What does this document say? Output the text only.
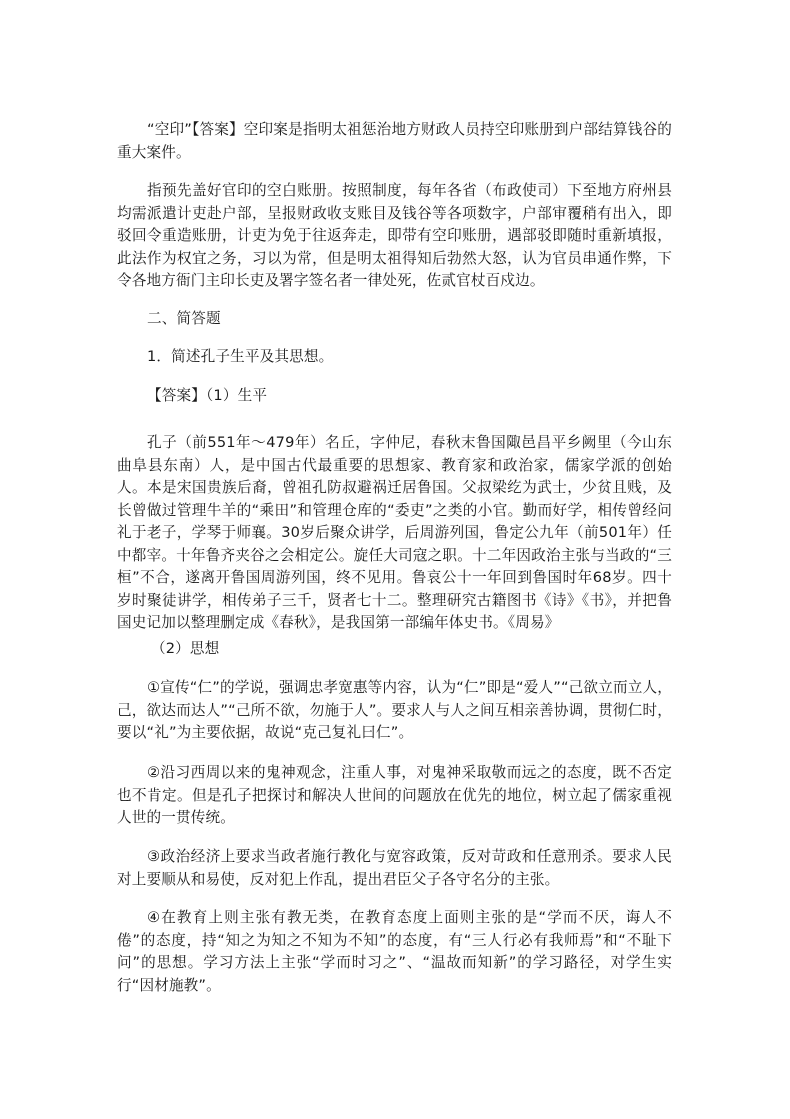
“空印”【答案】空印案是指明太祖惩治地方财政人员持空印账册到户部结算钱谷的重大案件。

指预先盖好官印的空白账册。按照制度，每年各省（布政使司）下至地方府州县均需派遣计吏赴户部，呈报财政收支账目及钱谷等各项数字，户部审覆稍有出入，即驳回令重造账册，计吏为免于往返奔走，即带有空印账册，遇部驳即随时重新填报，此法作为权宜之务，习以为常，但是明太祖得知后勃然大怒，认为官员串通作弊，下令各地方衙门主印长吏及署字签名者一律处死，佐贰官杖百戍边。

二、简答题

1．简述孔子生平及其思想。

【答案】（1）生平

孔子（前551年～479年）名丘，字仲尼，春秋末鲁国陬邑昌平乡阙里（今山东曲阜县东南）人，是中国古代最重要的思想家、教育家和政治家，儒家学派的创始人。本是宋国贵族后裔，曾祖孔防叔避祸迁居鲁国。父叔梁纥为武士，少贫且贱，及长曾做过管理牛羊的“乘田”和管理仓库的“委吏”之类的小官。勤而好学，相传曾经问礼于老子，学琴于师襄。30岁后聚众讲学，后周游列国，鲁定公九年（前501年）任中都宰。十年鲁齐夹谷之会相定公。旋任大司寇之职。十二年因政治主张与当政的“三桓”不合，遂离开鲁国周游列国，终不见用。鲁哀公十一年回到鲁国时年68岁。四十岁时聚徒讲学，相传弟子三千，贤者七十二。整理研究古籍图书《诗》《书》，并把鲁国史记加以整理删定成《春秋》，是我国第一部编年体史书。《周易》

（2）思想

①宣传“仁”的学说，强调忠孝宽惠等内容，认为“仁”即是“爱人”“己欲立而立人，己，欲达而达人”“己所不欲，勿施于人”。要求人与人之间互相亲善协调，贯彻仁时，要以“礼”为主要依据，故说“克己复礼曰仁”。

②沿习西周以来的鬼神观念，注重人事，对鬼神采取敬而远之的态度，既不否定也不肯定。但是孔子把探讨和解决人世间的问题放在优先的地位，树立起了儒家重视人世的一贯传统。

③政治经济上要求当政者施行教化与宽容政策，反对苛政和任意刑杀。要求人民对上要顺从和易使，反对犯上作乱，提出君臣父子各守名分的主张。

④在教育上则主张有教无类，在教育态度上面则主张的是“学而不厌，诲人不倦”的态度，持“知之为知之不知为不知”的态度，有“三人行必有我师焉”和“不耻下问”的思想。学习方法上主张“学而时习之”、“温故而知新”的学习路径，对学生实行“因材施教”。
